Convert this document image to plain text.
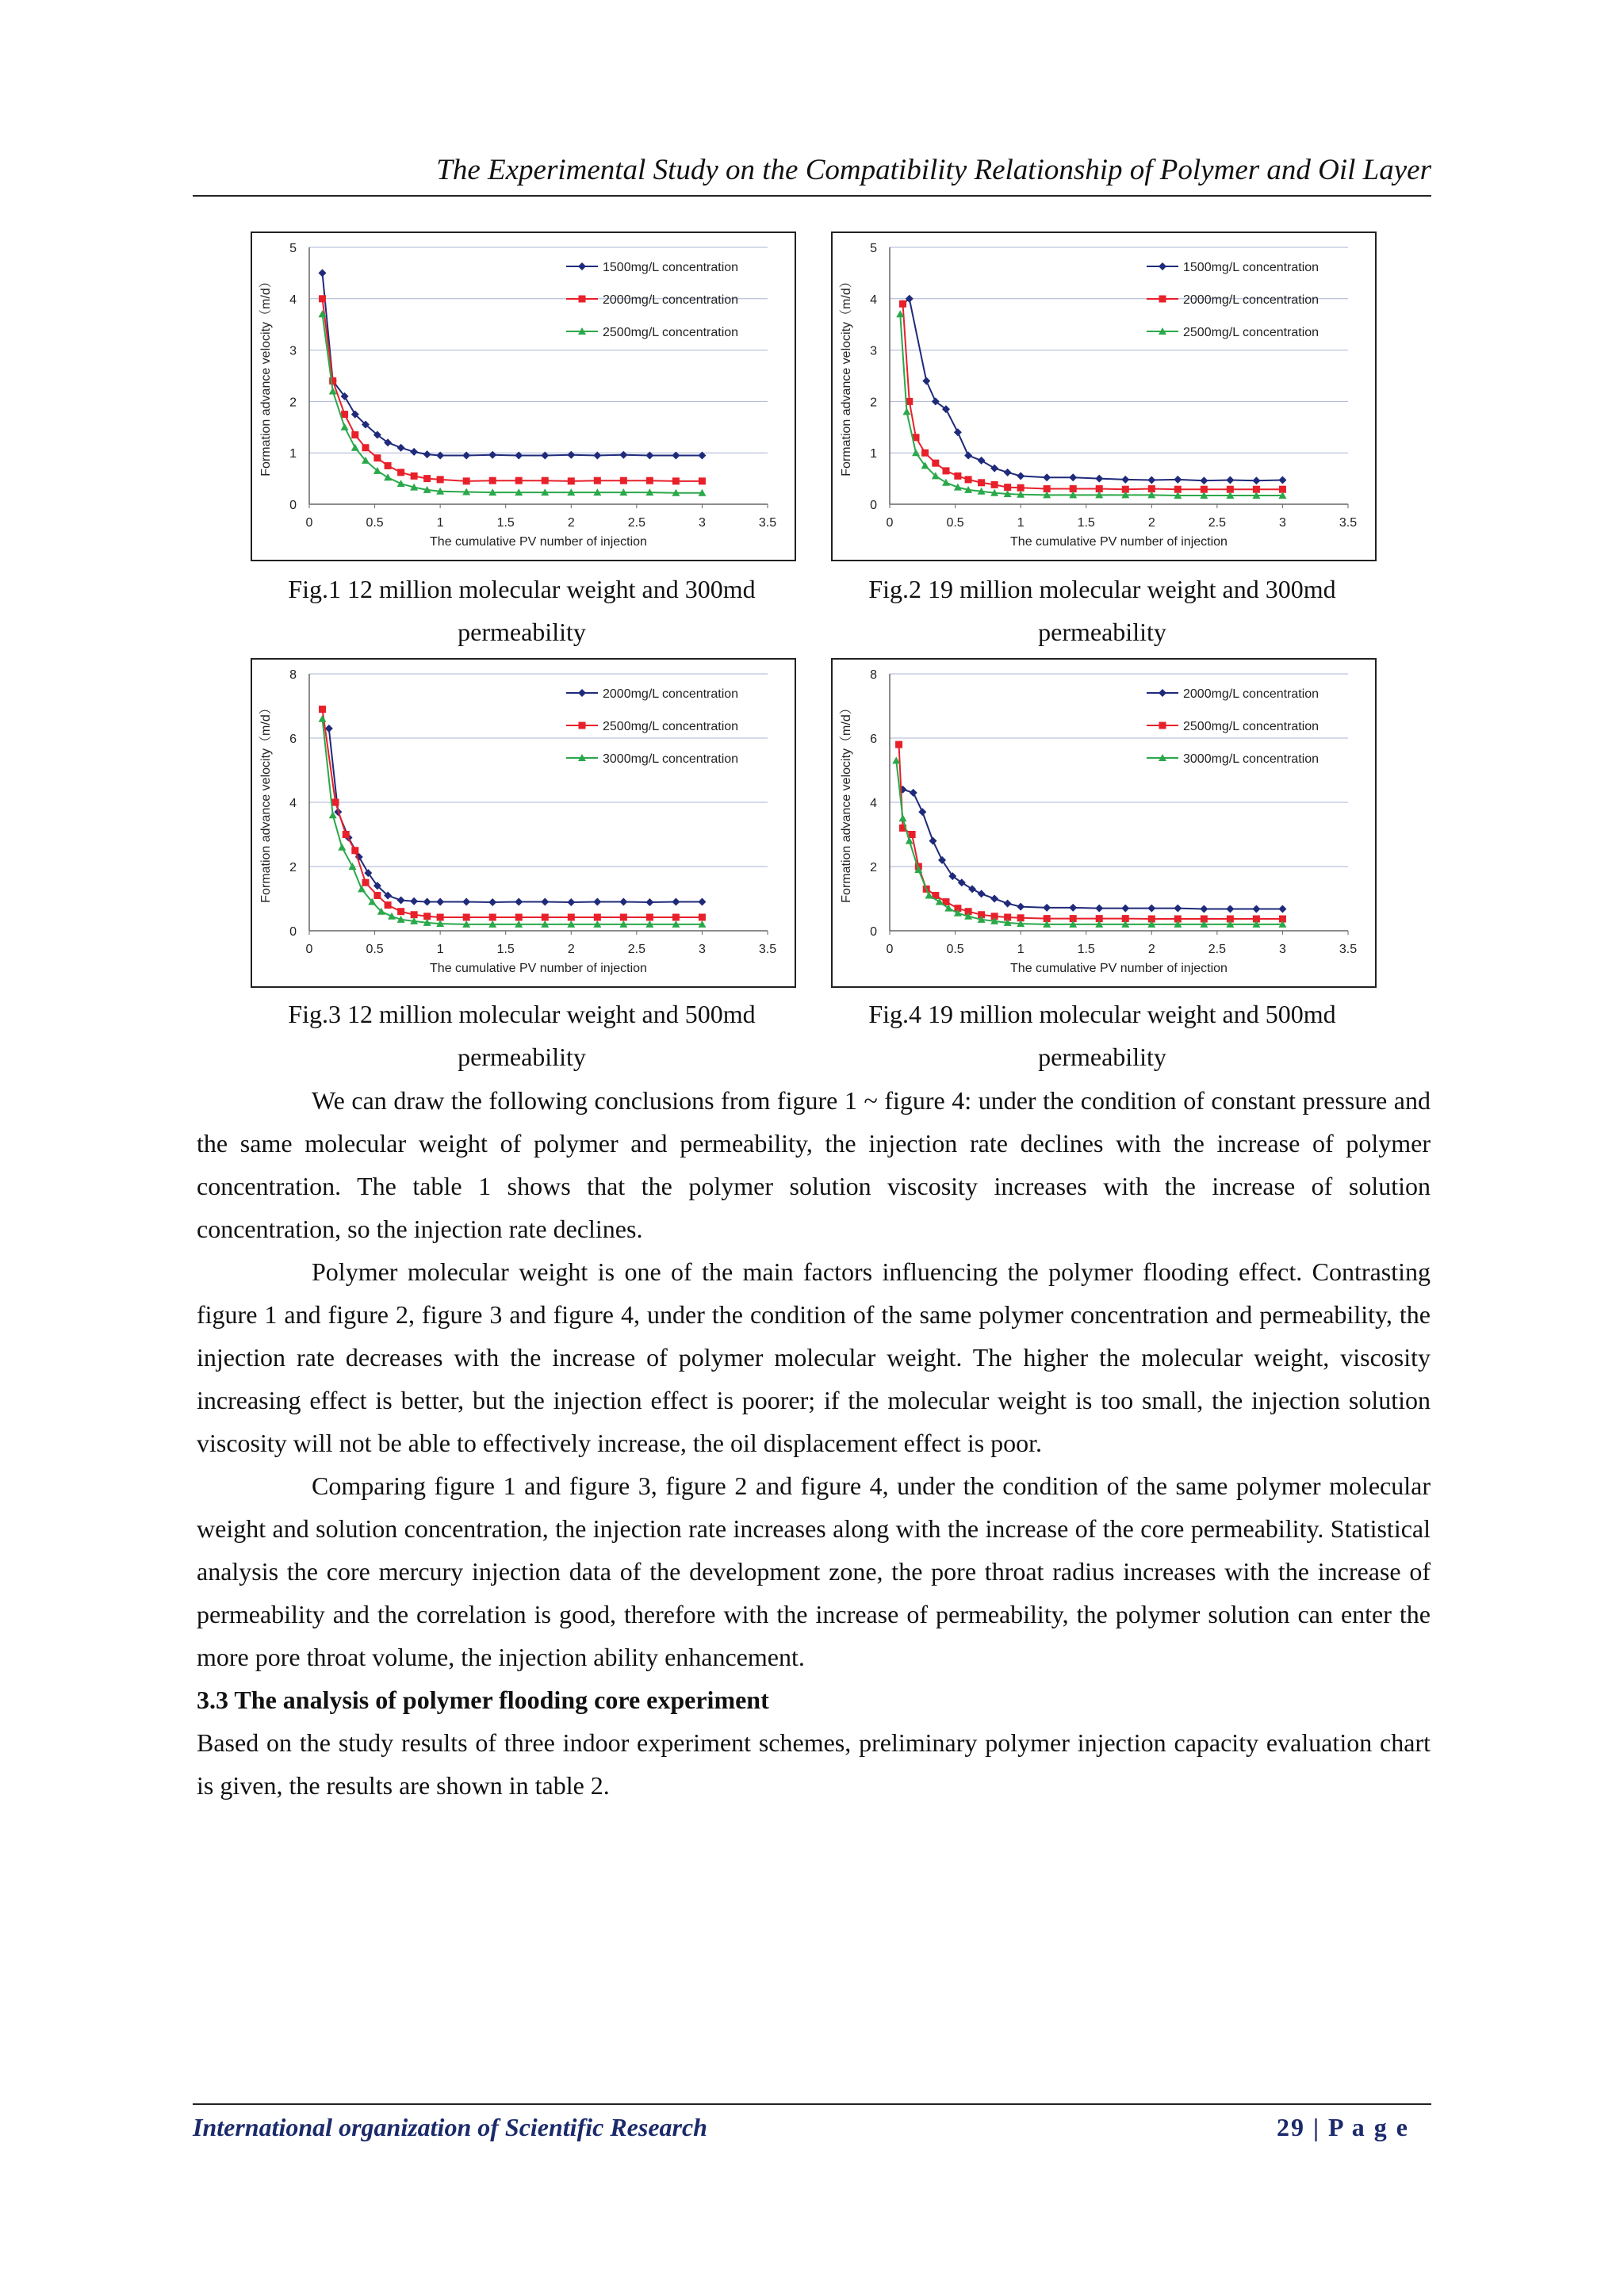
The Experimental Study on the Compatibility Relationship of Polymer and Oil Layer
0
1
2
3
4
5
0	0.5	1	1.5	2	2.5	3	3.5
The cumulative PV number of injection
Formation advance velocity（m/d）
1500mg/L concentration
2000mg/L concentration
2500mg/L concentration
0
1
2
3
4
5
0	0.5	1	1.5	2	2.5	3	3.5
The cumulative PV number of injection
Formation advance velocity（m/d）
1500mg/L concentration
2000mg/L concentration
2500mg/L concentration
0
2
4
6
8
0	0.5	1	1.5	2	2.5	3	3.5
The cumulative PV number of injection
Formation advance velocity（m/d）
2000mg/L concentration
2500mg/L concentration
3000mg/L concentration
0
2
4
6
8
0	0.5	1	1.5	2	2.5	3	3.5
The cumulative PV number of injection
Formation advance velocity（m/d）
2000mg/L concentration
2500mg/L concentration
3000mg/L concentration
Fig.1 12 million molecular weight and 300md
permeability
Fig.2 19 million molecular weight and 300md
permeability
Fig.3 12 million molecular weight and 500md
permeability
Fig.4 19 million molecular weight and 500md
permeability

We can draw the following conclusions from figure 1 ~ figure 4: under the condition of constant pressure and the same molecular weight of polymer and permeability, the injection rate declines with the increase of polymer concentration. The table 1 shows that the polymer solution viscosity increases with the increase of solution concentration, so the injection rate declines.

Polymer molecular weight is one of the main factors influencing the polymer flooding effect. Contrasting figure 1 and figure 2, figure 3 and figure 4, under the condition of the same polymer concentration and permeability, the injection rate decreases with the increase of polymer molecular weight. The higher the molecular weight, viscosity increasing effect is better, but the injection effect is poorer; if the molecular weight is too small, the injection solution viscosity will not be able to effectively increase, the oil displacement effect is poor.

Comparing figure 1 and figure 3, figure 2 and figure 4, under the condition of the same polymer molecular weight and solution concentration, the injection rate increases along with the increase of the core permeability. Statistical analysis the core mercury injection data of the development zone, the pore throat radius increases with the increase of permeability and the correlation is good, therefore with the increase of permeability, the polymer solution can enter the more pore throat volume, the injection ability enhancement.

3.3 The analysis of polymer flooding core experiment

Based on the study results of three indoor experiment schemes, preliminary polymer injection capacity evaluation chart is given, the results are shown in table 2.

International organization of Scientific Research	29 | P a g e
